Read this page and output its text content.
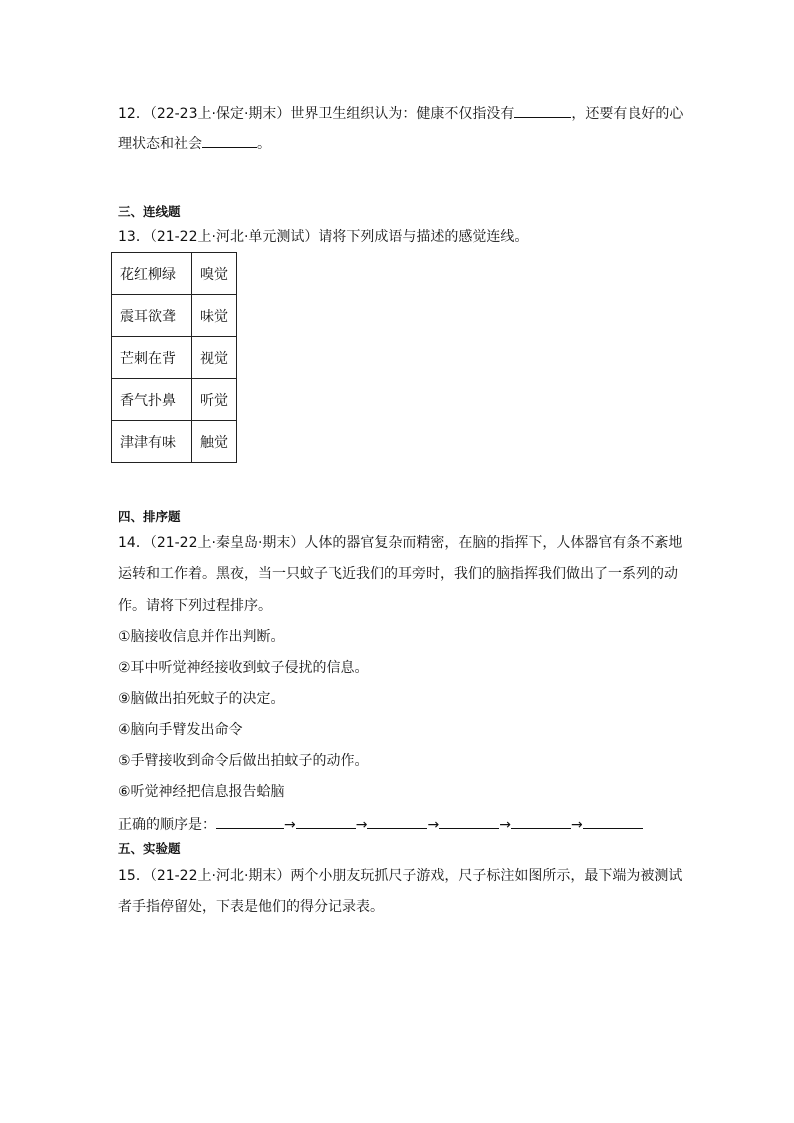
12．（22-23上·保定·期末）世界卫生组织认为：健康不仅指没有	，还要有良好的心
理状态和社会	。
三、连线题
13．（21-22上·河北·单元测试）请将下列成语与描述的感觉连线。
花红柳绿	嗅觉
震耳欲聋	味觉
芒刺在背	视觉
香气扑鼻	听觉
津津有味	触觉
四、排序题
14．（21-22上·秦皇岛·期末）人体的器官复杂而精密，在脑的指挥下，人体器官有条不紊地
运转和工作着。黑夜，当一只蚊子飞近我们的耳旁时，我们的脑指挥我们做出了一系列的动
作。请将下列过程排序。
①脑接收信息并作出判断。
②耳中听觉神经接收到蚊子侵扰的信息。
⑨脑做出拍死蚊子的决定。
④脑向手臂发出命令
⑤手臂接收到命令后做出拍蚊子的动作。
⑥听觉神经把信息报告蛤脑
正确的顺序是：	→	→	→	→	→
五、实验题
15．（21-22上·河北·期末）两个小朋友玩抓尺子游戏，尺子标注如图所示，最下端为被测试
者手指停留处，下表是他们的得分记录表。
